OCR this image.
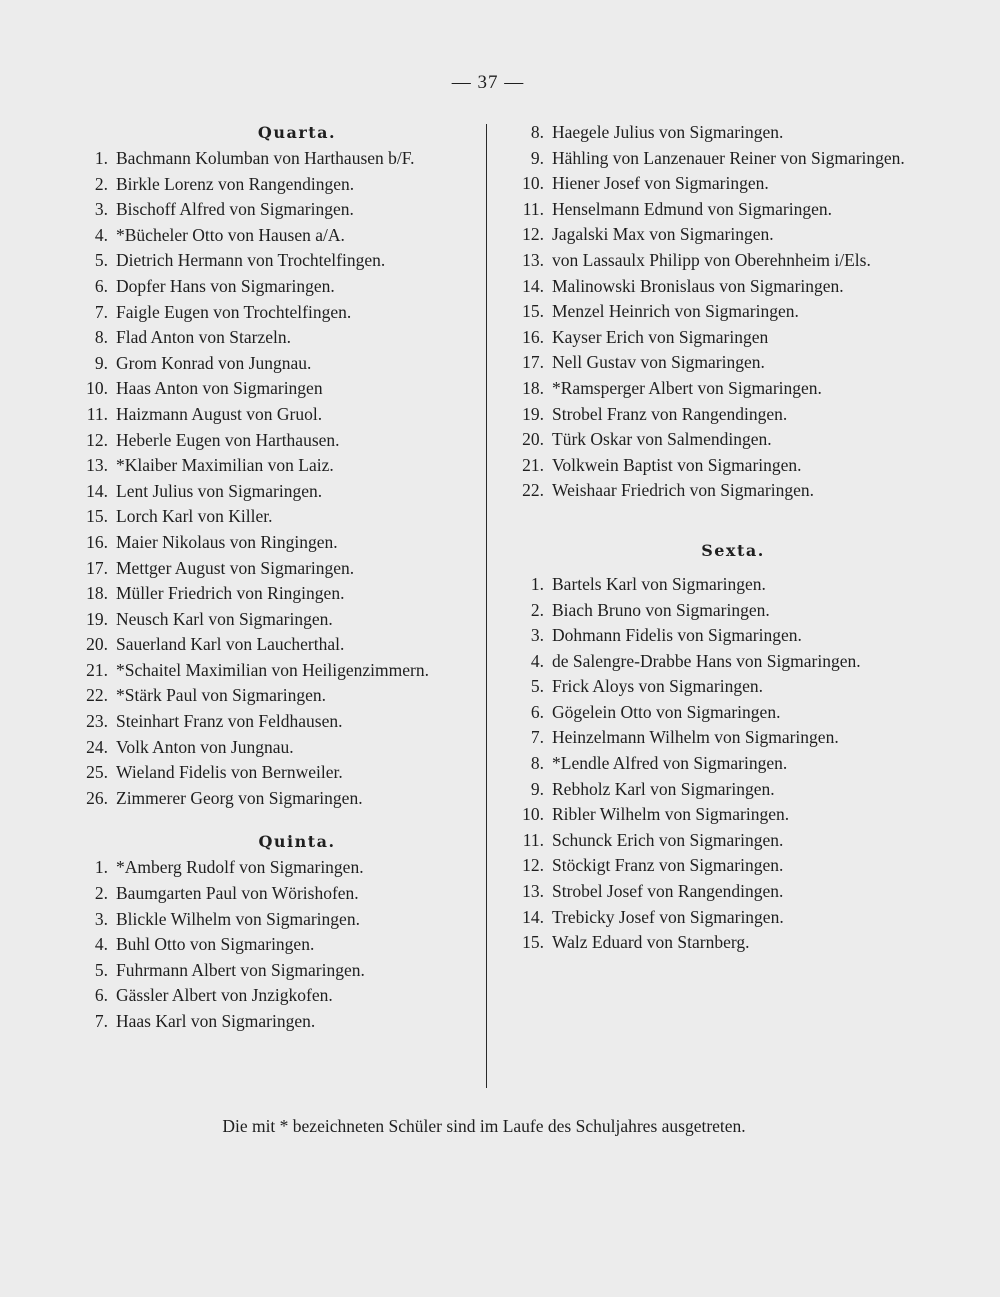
— 37 —
Quarta.
1. Bachmann Kolumban von Harthausen b/F.
2. Birkle Lorenz von Rangendingen.
3. Bischoff Alfred von Sigmaringen.
4. *Bücheler Otto von Hausen a/A.
5. Dietrich Hermann von Trochtelfingen.
6. Dopfer Hans von Sigmaringen.
7. Faigle Eugen von Trochtelfingen.
8. Flad Anton von Starzeln.
9. Grom Konrad von Jungnau.
10. Haas Anton von Sigmaringen
11. Haizmann August von Gruol.
12. Heberle Eugen von Harthausen.
13. *Klaiber Maximilian von Laiz.
14. Lent Julius von Sigmaringen.
15. Lorch Karl von Killer.
16. Maier Nikolaus von Ringingen.
17. Mettger August von Sigmaringen.
18. Müller Friedrich von Ringingen.
19. Neusch Karl von Sigmaringen.
20. Sauerland Karl von Laucherthal.
21. *Schaitel Maximilian von Heiligenzimmern.
22. *Stärk Paul von Sigmaringen.
23. Steinhart Franz von Feldhausen.
24. Volk Anton von Jungnau.
25. Wieland Fidelis von Bernweiler.
26. Zimmerer Georg von Sigmaringen.
Quinta.
1. *Amberg Rudolf von Sigmaringen.
2. Baumgarten Paul von Wörishofen.
3. Blickle Wilhelm von Sigmaringen.
4. Buhl Otto von Sigmaringen.
5. Fuhrmann Albert von Sigmaringen.
6. Gässler Albert von Jnzigkofen.
7. Haas Karl von Sigmaringen.
8. Haegele Julius von Sigmaringen.
9. Hähling von Lanzenauer Reiner von Sigmaringen.
10. Hiener Josef von Sigmaringen.
11. Henselmann Edmund von Sigmaringen.
12. Jagalski Max von Sigmaringen.
13. von Lassaulx Philipp von Oberehnheim i/Els.
14. Malinowski Bronislaus von Sigmaringen.
15. Menzel Heinrich von Sigmaringen.
16. Kayser Erich von Sigmaringen
17. Nell Gustav von Sigmaringen.
18. *Ramsperger Albert von Sigmaringen.
19. Strobel Franz von Rangendingen.
20. Türk Oskar von Salmendingen.
21. Volkwein Baptist von Sigmaringen.
22. Weishaar Friedrich von Sigmaringen.
Sexta.
1. Bartels Karl von Sigmaringen.
2. Biach Bruno von Sigmaringen.
3. Dohmann Fidelis von Sigmaringen.
4. de Salengre-Drabbe Hans von Sigmaringen.
5. Frick Aloys von Sigmaringen.
6. Gögelein Otto von Sigmaringen.
7. Heinzelmann Wilhelm von Sigmaringen.
8. *Lendle Alfred von Sigmaringen.
9. Rebholz Karl von Sigmaringen.
10. Ribler Wilhelm von Sigmaringen.
11. Schunck Erich von Sigmaringen.
12. Stöckigt Franz von Sigmaringen.
13. Strobel Josef von Rangendingen.
14. Trebicky Josef von Sigmaringen.
15. Walz Eduard von Starnberg.
Die mit * bezeichneten Schüler sind im Laufe des Schuljahres ausgetreten.
